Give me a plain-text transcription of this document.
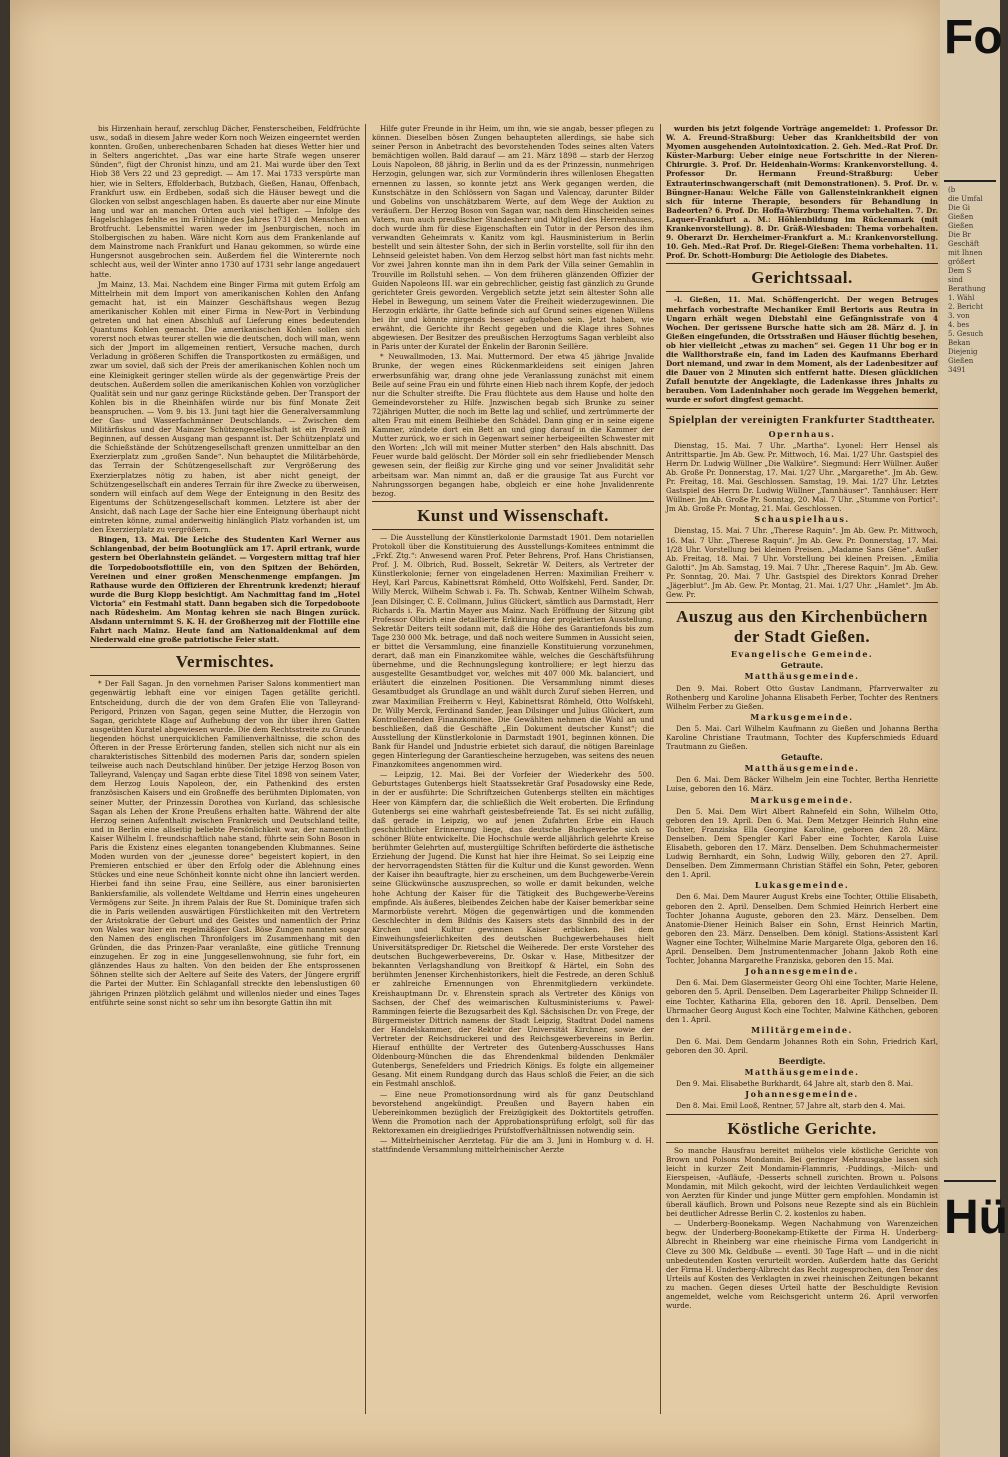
bis Hirzenhain herauf, zerschlug Dächer, Fensterscheiben, Feldfrüchte usw., sodaß in diesem Jahre weder Korn noch Weizen eingeerntet werden konnten. Großen, unberechenbaren Schaden hat dieses Wetter hier und in Selters angerichtet. „Das war eine harte Strafe wegen unserer Sünden“, fügt der Chronist hinzu, und am 21. Mai wurde über den Text Hiob 38 Vers 22 und 23 gepredigt. — Am 17. Mai 1733 verspürte man hier, wie in Selters, Effolderbach, Butzbach, Gießen, Hanau, Offenbach, Frankfurt usw. ein Erdbeben, sodaß sich die Häuser bewegt und die Glocken von selbst angeschlagen haben. Es dauerte aber nur eine Minute lang und war an manchen Orten auch viel heftiger. — Infolge des Hagelschlages fehlte es im Frühlinge des Jahres 1731 den Menschen an Brotfrucht. Lebensmittel waren weder im Jsenburgischen, noch im Stolbergischen zu haben. Wäre nicht Korn aus dem Frankenlande auf dem Mainstrome nach Frankfurt und Hanau gekommen, so würde eine Hungersnot ausgebrochen sein. Außerdem fiel die Winterernte noch schlecht aus, weil der Winter anno 1730 auf 1731 sehr lange angedauert hatte.

Jm Mainz, 13. Mai. Nachdem eine Binger Firma mit gutem Erfolg am Mittelrhein mit dem Import von amerikanischen Kohlen den Anfang gemacht hat, ist ein Mainzer Geschäftshaus wegen Bezug amerikanischer Kohlen mit einer Firma in New-Port in Verbindung getreten und hat einen Abschluß auf Lieferung eines bedeutenden Quantums Kohlen gemacht. Die amerikanischen Kohlen sollen sich vorerst noch etwas teurer stellen wie die deutschen, doch will man, wenn sich der Jmport im allgemeinen rentiert, Versuche machen, durch Verladung in größeren Schiffen die Transportkosten zu ermäßigen, und zwar um soviel, daß sich der Preis der amerikanischen Kohlen noch um eine Kleinigkeit geringer stellen würde als der gegenwärtige Preis der deutschen. Außerdem sollen die amerikanischen Kohlen von vorzüglicher Qualität sein und nur ganz geringe Rückstände geben. Der Transport der Kohlen bis in die Rheinhäfen würde nur bis fünf Monate Zeit beanspruchen. — Vom 9. bis 13. Juni tagt hier die Generalversammlung der Gas- und Wasserfachmänner Deutschlands. — Zwischen dem Militärfiskus und der Mainzer Schützengesellschaft ist ein Prozeß im Beginnen, auf dessen Ausgang man gespannt ist. Der Schützenplatz und die Schießstände der Schützengesellschaft grenzen unmittelbar an den Exerzierplatz zum „großen Sande“. Nun behauptet die Militärbehörde, das Terrain der Schützengesellschaft zur Vergrößerung des Exerzierplatzes nötig zu haben, ist aber nicht geneigt, der Schützengesellschaft ein anderes Terrain für ihre Zwecke zu überweisen, sondern will einfach auf dem Wege der Enteignung in den Besitz des Eigentums der Schützengesellschaft kommen. Letztere ist aber der Ansicht, daß nach Lage der Sache hier eine Enteignung überhaupt nicht eintreten könne, zumal anderweitig hinlänglich Platz vorhanden ist, um den Exerzierplatz zu vergrößern.

Bingen, 13. Mai. Die Leiche des Studenten Karl Werner aus Schlangenbad, der beim Bootunglück am 17. April ertrank, wurde gestern bei Oberlahnstein geländet. — Vorgestern mittag traf hier die Torpedobootsflottille ein, von den Spitzen der Behörden, Vereinen und einer großen Menschenmenge empfangen. Jm Rathause wurde den Offizieren der Ehrentrunk kredenzt; hierauf wurde die Burg Klopp besichtigt. Am Nachmittag fand im „Hotel Victoria“ ein Festmahl statt. Dann begaben sich die Torpedoboote nach Rüdesheim. Am Montag kehren sie nach Bingen zurück. Alsdann unternimmt S. K. H. der Großherzog mit der Flottille eine Fahrt nach Mainz. Heute fand am Nationaldenkmal auf dem Niederwald eine große patriotische Feier statt.

Vermischtes.

* Der Fall Sagan. Jn den vornehmen Pariser Salons kommentiert man gegenwärtig lebhaft eine vor einigen Tagen getällte gerichtl. Entscheidung, durch die der von dem Grafen Elie von Talleyrand-Perigord, Prinzen von Sagan, gegen seine Mutter, die Herzogin von Sagan, gerichtete Klage auf Aufhebung der von ihr über ihren Gatten ausgeübten Kuratel abgewiesen wurde. Die dem Rechtsstreite zu Grunde liegenden höchst unerquicklichen Familienverhältnisse, die schon des Öfteren in der Presse Erörterung fanden, stellen sich nicht nur als ein charakteristisches Sittenbild des modernen Paris dar, sondern spielen teilweise auch nach Deutschland hinüber. Der jetzige Herzog Boson von Talleyrand, Valençay und Sagan erbte diese Titel 1898 von seinem Vater, dem Herzog Louis Napoleon, der, ein Pathenkind des ersten französischen Kaisers und ein Großneffe des berühmten Diplomaten, von seiner Mutter, der Prinzessin Dorothea von Kurland, das schlesische Sagan als Lehen der Krone Preußens erhalten hatte. Während der alte Herzog seinen Aufenthalt zwischen Frankreich und Deutschland teilte, und in Berlin eine allseitig beliebte Persönlichkeit war, der namentlich Kaiser Wilhelm I. freundschaftlich nahe stand, führte sein Sohn Boson in Paris die Existenz eines eleganten tonangebenden Klubmannes. Seine Moden wurden von der „jeunesse doree“ begeistert kopiert, in den Premieren entschied er über den Erfolg oder die Ablehnung eines Stückes und eine neue Schönheit konnte nicht ohne ihn lanciert werden. Hierbei fand ihn seine Frau, eine Seillère, aus einer baronisierten Bankiersfamilie, als vollendete Weltdame und Herrin eines ungeheuren Vermögens zur Seite. Jn ihrem Palais der Rue St. Dominique trafen sich die in Paris weilenden auswärtigen Fürstlichkeiten mit den Vertretern der Aristokratie der Geburt und des Geistes und namentlich der Prinz von Wales war hier ein regelmäßiger Gast. Böse Zungen nannten sogar den Namen des englischen Thronfolgers im Zusammenhang mit den Gründen, die das Prinzen-Paar veranlaßte, eine gütliche Trennung einzugehen. Er zog in eine Junggesellenwohnung, sie fuhr fort, ein glänzendes Haus zu halten. Von den beiden der Ehe entsprossenen Söhnen stellte sich der Aeltere auf Seite des Vaters, der Jüngere ergriff die Partei der Mutter. Ein Schlaganfall streckte den lebenslustigen 60 jährigen Prinzen plötzlich gelähmt und willenlos nieder und eines Tages entführte seine sonst nicht so sehr um ihn besorgte Gattin ihn mit

Hilfe guter Freunde in ihr Heim, um ihn, wie sie angab, besser pflegen zu können. Dieselben bösen Zungen behaupteten allerdings, sie habe sich seiner Person in Anbetracht des bevorstehenden Todes seines alten Vaters bemächtigen wollen. Bald darauf — am 21. März 1898 — starb der Herzog Louis Napoleon, 88 jährig, in Berlin und da es der Prinzessin, nunmehrigen Herzogin, gelungen war, sich zur Vormünderin ihres willenlosen Ehegatten ernennen zu lassen, so konnte jetzt ans Werk gegangen werden, die Kunstschätze in den Schlössern von Sagan und Valencay, darunter Bilder und Gobelins von unschätzbarem Werte, auf dem Wege der Auktion zu veräußern. Der Herzog Boson von Sagan war, nach dem Hinscheiden seines Vaters, nun auch preußischer Standesherr und Mitglied des Herrenhauses, doch wurde ihm für diese Eigenschaften ein Tutor in der Person des ihm verwandten Geheimrats v. Kanitz vom kgl. Hausministerium in Berlin bestellt und sein ältester Sohn, der sich in Berlin vorstellte, soll für ihn den Lehnseid geleistet haben. Von dem Herzog selbst hört man fast nichts mehr. Vor zwei Jahren konnte man ihn in dem Park der Villa seiner Gemahlin in Trouville im Rollstuhl sehen. — Von dem früheren glänzenden Offizier der Guiden Napoleons III. war ein gebrechlicher, geistig fast gänzlich zu Grunde gerichteter Greis geworden. Vergeblich setzte jetzt sein ältester Sohn alle Hebel in Bewegung, um seinem Vater die Freiheit wiederzugewinnen. Die Herzogin erklärte, ihr Gatte befinde sich auf Grund seines eigenen Willens bei ihr und könnte nirgends besser aufgehoben sein. Jetzt haben, wie erwähnt, die Gerichte ihr Recht gegeben und die Klage ihres Sohnes abgewiesen. Der Besitzer des preußischen Herzogtums Sagan verbleibt also in Paris unter der Kuratel der Enkelin der Baronin Seillère.

* Neuwallmoden, 13. Mai. Muttermord. Der etwa 45 jährige Jnvalide Brunke, der wegen eines Rückenmarkleidens seit einigen Jahren erwerbsunfähig war, drang ohne jede Veranlassung zunächst mit einem Beile auf seine Frau ein und führte einen Hieb nach ihrem Kopfe, der jedoch nur die Schulter streifte. Die Frau flüchtete aus dem Hause und holte den Gemeindevorsteher zu Hilfe. Jnzwischen begab sich Brunke zu seiner 72jährigen Mutter, die noch im Bette lag und schlief, und zertrümmerte der alten Frau mit einem Beilhiebe den Schädel. Dann ging er in seine eigene Kammer, zündete dort ein Bett an und ging darauf in die Kammer der Mutter zurück, wo er sich in Gegenwart seiner herbeigeeilten Schwester mit den Worten: „Ich will mit meiner Mutter sterben“ den Hals abschnitt. Das Feuer wurde bald gelöscht. Der Mörder soll ein sehr friedliebender Mensch gewesen sein, der fleißig zur Kirche ging und vor seiner Jnvalidität sehr arbeitsam war. Man nimmt an, daß er die grausige Tat aus Furcht vor Nahrungssorgen begangen habe, obgleich er eine hohe Jnvalidenrente bezog.

Kunst und Wissenschaft.

— Die Ausstellung der Künstlerkolonie Darmstadt 1901. Dem notariellen Protokoll über die Konstituierung des Ausstellungs-Komitees entnimmt die „Frkf. Ztg.“: Anwesend waren Prof. Peter Behrens, Prof. Hans Christiansen, Prof. J. M. Olbrich, Rud. Bosselt, Sekretär W. Deiters, als Vertreter der Künstlerkolonie; ferner von eingeladenen Herren: Maximilian Freiherr v. Heyl, Karl Parcus, Kabinettsrat Römheld, Otto Wolfskehl, Ferd. Sander, Dr. Willy Merck, Wilhelm Schwab i. Fa. Th. Schwab, Kentner Wilhelm Schwab, Jean Dilsinger, C. E. Collmann, Julius Glückert, sämtlich aus Darmstadt, Herr Richards i. Fa. Martin Mayer aus Mainz. Nach Eröffnung der Sitzung gibt Professor Olbrich eine detaillierte Erklärung der projektierten Ausstellung. Sekretär Deiters teilt sodann mit, daß die Höhe des Garantiefonds bis zum Tage 230 000 Mk. betrage, und daß noch weitere Summen in Aussicht seien, er bittet die Versammlung, eine finanzielle Konstituierung vorzunehmen, derart, daß man ein Finanzkomitee wähle, welches die Geschäftsführung übernehme, und die Rechnungslegung kontrolliere; er legt hierzu das ausgestellte Gesamtbudget vor, welches mit 407 000 Mk. balanciert, und erläutert die einzelnen Positionen. Die Versammlung nimmt dieses Gesamtbudget als Grundlage an und wählt durch Zuruf sieben Herren, und zwar Maximilian Freiherrn v. Heyl, Kabinettsrat Römheld, Otto Wolfskehl, Dr. Willy Merck, Ferdinand Sander, Jean Dilsinger und Julius Glückert, zum Kontrollierenden Finanzkomitee. Die Gewählten nehmen die Wahl an und beschließen, daß die Geschäfte „Ein Dokument deutscher Kunst“; die Ausstellung der Künstlerkolonie in Darmstadt 1901, beginnen können. Die Bank für Handel und Jndustrie erbietet sich darauf, die nötigen Bareinlage gegen Hinterlegung der Garantiescheine herzugeben, was seitens des neuen Finanzkomitees angenommen wird.

— Leipzig, 12. Mai. Bei der Vorfeier der Wiederkehr des 500. Geburtstages Gutenbergs hielt Staatssekretär Graf Posadowsky eine Rede, in der er ausführte: Die Schriftzeichen Gutenbergs stellten ein mächtiges Heer von Kämpfern dar, die schließlich die Welt eroberten. Die Erfindung Gutenbergs sei eine wahrhaft geistesbefreiende Tat. Es sei nicht zufällig, daß gerade in Leipzig, wo auf jenen Zufahrten Erbe ein Hauch geschichtlicher Erinnerung liege, das deutsche Buchgewerbe sich so schöner Blüte entwickelte. Die Hochschule werde alljährlich gelehrte Kreise berühmter Gelehrten auf, mustergültige Schriften beförderte die ästhetische Erziehung der Jugend. Die Kunst hat hier ihre Heimat. So sei Leipzig eine der hervorragendsten Stätten für die Kultur und die Kunst geworden. Wenn der Kaiser ihn beauftragte, hier zu erscheinen, um dem Buchgewerbe-Verein seine Glückwünsche auszusprechen, so wolle er damit bekunden, welche hohe Achtung der Kaiser für die Tätigkeit des Buchgewerbe-Vereins empfinde. Als äußeres, bleibendes Zeichen habe der Kaiser bemerkbar seine Marmorbüste verehrt. Mögen die gegenwärtigen und die kommenden Geschlechter in dem Bildnis des Kaisers stets das Sinnbild des in der Kirchen und Kultur gewinnen Kaiser erblicken. Bei dem Einweihungsfeierlichkeiten des deutschen Buchgewerbehauses hielt Universitätsprediger Dr. Rietschel die Weiherede. Der erste Vorsteher des deutschen Buchgewerbevereins, Dr. Oskar v. Hase, Mitbesitzer der bekannten Verlagshandlung von Breitkopf & Härtel, ein Sohn des berühmten Jenenser Kirchenhistorikers, hielt die Festrede, an deren Schluß er zahlreiche Ernennungen von Ehrenmitgliedern verkündete. Kreishauptmann Dr. v. Ehrenstein sprach als Vertreter des Königs von Sachsen, der Chef des weimarischen Kultusministeriums v. Pawel-Rammingen feierte die Bezugsarbeit des Kgl. Sächsischen Dr. von Frege, der Bürgermeister Dittrich namens der Stadt Leipzig, Stadtrat Dodel namens der Handelskammer, der Rektor der Universität Kirchner, sowie der Vertreter der Reichsdruckerei und des Reichsgewerbevereins in Berlin. Hierauf enthüllte der Vertreter des Gutenberg-Ausschusses Hans Oldenbourg-München die das Ehrendenkmal bildenden Denkmäler Gutenbergs, Senefelders und Friedrich Königs. Es folgte ein allgemeiner Gesang. Mit einem Rundgang durch das Haus schloß die Feier, an die sich ein Festmahl anschloß.

— Eine neue Promotionsordnung wird als für ganz Deutschland bevorstehend angekündigt. Preußen und Bayern haben ein Uebereinkommen bezüglich der Freizügigkeit des Doktortitels getroffen. Wenn die Promotion nach der Approbationsprüfung erfolgt, soll für das Rektorexamen ein dreigliedriges Prüfstoffverhältnissen notwendig sein.

— Mittelrheinischer Aerztetag. Für die am 3. Juni in Homburg v. d. H. stattfindende Versammlung mittelrheinischer Aerzte

wurden bis jetzt folgende Vorträge angemeldet: 1. Professor Dr. W. A. Freund-Straßburg: Ueber das Krankheitsbild der von Myomen ausgehenden Autointoxication. 2. Geh. Med.-Rat Prof. Dr. Küster-Marburg: Ueber einige neue Fortschritte in der Nieren-Chirurgie. 3. Prof. Dr. Heidenhain-Worms: Krankenvorstellung. 4. Professor Dr. Hermann Freund-Straßburg: Ueber Extrauterinschwangerschaft (mit Demonstrationen). 5. Prof. Dr. v. Büngner-Hanau: Welche Fälle von Gallensteinkrankheit eignen sich für interne Therapie, besonders für Behandlung in Badeorten? 6. Prof. Dr. Hoffa-Würzburg: Thema vorbehalten. 7. Dr. Laquer-Frankfurt a. M.: Höhlenbildung im Rückenmark (mit Krankenvorstellung). 8. Dr. Gräß-Wiesbaden: Thema vorbehalten. 9. Oberarzt Dr. Herxheimer-Frankfurt a. M.: Krankenvorstellung. 10. Geh. Med.-Rat Prof. Dr. Riegel-Gießen: Thema vorbehalten. 11. Prof. Dr. Schott-Homburg: Die Aetiologie des Diabetes.

Gerichtssaal.

-l. Gießen, 11. Mai. Schöffengericht. Der wegen Betruges mehrfach vorbestrafte Mechaniker Emil Bertoris aus Reutra in Ungarn erhält wegen Diebstahl eine Gefängnisstrafe von 4 Wochen. Der gerissene Bursche hatte sich am 28. März d. J. in Gießen eingefunden, die Ortsstraßen und Häuser flüchtig besehen, ob hier vielleicht „etwas zu machen“ sei. Gegen 11 Uhr bog er in die Wallthorstraße ein, fand im Laden des Kaufmanns Eberhard Dort niemand, und zwar in dem Moment, als der Ladenbesitzer auf die Dauer von 2 Minuten sich entfernt hatte. Diesen glücklichen Zufall benutzte der Angeklagte, die Ladenkasse ihres Jnhalts zu berauben. Vom Ladeninhaber noch gerade im Weggehen bemerkt, wurde er sofort dingfest gemacht.

Spielplan der vereinigten Frankfurter Stadttheater.
Opernhaus.

Dienstag, 15. Mai. 7 Uhr. „Martha“. Lyonel: Herr Hensel als Antrittspartie. Jm Ab. Gew. Pr. Mittwoch, 16. Mai. 1/27 Uhr. Gastspiel des Herrn Dr. Ludwig Wüllner „Die Walküre“. Siegmund: Herr Wüllner. Außer Ab. Große Pr. Donnerstag, 17. Mai. 1/27 Uhr. „Margarethe“. Jm Ab. Gew. Pr. Freitag, 18. Mai. Geschlossen. Samstag, 19. Mai. 1/27 Uhr. Letztes Gastspiel des Herrn Dr. Ludwig Wüllner „Tannhäuser“. Tannhäuser: Herr Wüllner. Jm Ab. Große Pr. Sonntag, 20. Mai. 7 Uhr. „Stumme von Portici“. Jm Ab. Große Pr. Montag, 21. Mai. Geschlossen.

Schauspielhaus.

Dienstag, 15. Mai. 7 Uhr. „Therese Raquin“. Jm Ab. Gew. Pr. Mittwoch, 16. Mai. 7 Uhr. „Therese Raquin“. Jm Ab. Gew. Pr. Donnerstag, 17. Mai. 1/28 Uhr. Vorstellung bei kleinen Preisen. „Madame Sans Gêne“. Außer Ab. Freitag, 18. Mai. 7 Uhr. Vorstellung bei kleinen Preisen. „Emilia Galotti“. Jm Ab. Samstag, 19. Mai. 7 Uhr. „Therese Raquin“. Jm Ab. Gew. Pr. Sonntag, 20. Mai. 7 Uhr. Gastspiel des Direktors Konrad Dreher „Jägerblut“. Jm Ab. Gew. Pr. Montag, 21. Mai. 1/27 Uhr. „Hamlet“. Jm Ab. Gew. Pr.

Auszug aus den Kirchenbüchern der Stadt Gießen.
Evangelische Gemeinde.
Getraute.
Matthäusgemeinde.

Den 9. Mai. Robert Otto Gustav Landmann, Pfarrverwalter zu Rothenberg und Karoline Johanna Elisabeth Ferber, Tochter des Rentners Wilhelm Ferber zu Gießen.

Markusgemeinde.

Den 5. Mai. Carl Wilhelm Kaufmann zu Gießen und Johanna Bertha Karoline Christiane Trautmann, Tochter des Kupferschmieds Eduard Trautmann zu Gießen.

Getaufte.
Matthäusgemeinde.

Den 6. Mai. Dem Bäcker Wilhelm Jein eine Tochter, Bertha Henriette Luise, geboren den 16. März.

Markusgemeinde.

Den 5. Mai. Dem Wirt Albert Rahnefeld ein Sohn, Wilhelm Otto, geboren den 19. April. Den 6. Mai. Dem Metzger Heinrich Huhn eine Tochter, Franziska Ella Georgine Karoline, geboren den 28. März. Denselben. Dem Spengler Karl Faber eine Tochter, Karola Luise Elisabeth, geboren den 17. März. Denselben. Dem Schuhmachermeister Ludwig Bernhardt, ein Sohn, Ludwig Willy, geboren den 27. April. Denselben. Dem Zimmermann Christian Stäffel ein Sohn, Peter, geboren den 1. April.

Lukasgemeinde.

Den 6. Mai. Dem Maurer August Krebs eine Tochter, Ottilie Elisabeth, geboren den 2. April. Denselben. Dem Schmied Heinrich Herbert eine Tochter Johanna Auguste, geboren den 23. März. Denselben. Dem Anatomie-Diener Heinich Balser ein Sohn, Ernst Heinrich Martin, geboren den 23. März. Denselben. Dem königl. Stations-Assistent Karl Wagner eine Tochter, Wilhelmine Marie Margarete Olga, geboren den 16. April. Denselben. Dem Jnstrumentenmacher Johann Jakob Roth eine Tochter, Johanna Margarethe Franziska, geboren den 15. Mai.

Johannesgemeinde.

Den 6. Mai. Dem Glasermeister Georg Ohl eine Tochter, Marie Helene, geboren den 5. April. Denselben. Dem Lagerarbeiter Philipp Schneider II. eine Tochter, Katharina Ella, geboren den 18. April. Denselben. Dem Uhrmacher Georg August Koch eine Tochter, Malwine Käthchen, geboren den 1. April.

Militärgemeinde.

Den 6. Mai. Dem Gendarm Johannes Roth ein Sohn, Friedrich Karl, geboren den 30. April.

Beerdigte.
Matthäusgemeinde.

Den 9. Mai. Elisabethe Burkhardt, 64 Jahre alt, starb den 8. Mai.

Johannesgemeinde.

Den 8. Mai. Emil Looß, Rentner, 57 Jahre alt, starb den 4. Mai.

Köstliche Gerichte.

So manche Hausfrau bereitet mühelos viele köstliche Gerichte von Brown und Polsons Mondamin. Bei geringer Mehrausgabe lassen sich leicht in kurzer Zeit Mondamin-Flammris, -Puddings, -Milch- und Eierspeisen, -Aufläufe, -Desserts schnell zurichten. Brown u. Polsons Mondamin, mit Milch gekocht, wird der leichten Verdaulichkeit wegen von Aerzten für Kinder und junge Mütter gern empfohlen. Mondamin ist überall käuflich. Brown und Polsons neue Rezepte sind als ein Büchlein bei deutlicher Adresse Berlin C. 2. kostenlos zu haben.

— Underberg-Boonekamp. Wegen Nachahmung von Warenzeichen begw. der Underberg-Boonekamp-Etikette der Firma H. Underberg-Albrecht in Rheinberg war eine rheinische Firma vom Landgericht in Cleve zu 300 Mk. Geldbuße — eventl. 30 Tage Haft — und in die nicht unbedeutenden Kosten verurteilt worden. Außerdem hatte das Gericht der Firma H. Underberg-Albrecht das Recht zugesprochen, den Tenor des Urteils auf Kosten des Verklagten in zwei rheinischen Zeitungen bekannt zu machen. Gegen dieses Urteil hatte der Beschuldigte Revision angemeldet, welche vom Reichsgericht unterm 26. April verworfen wurde.

Fo
(b
die Umfal
Die Gi
Gießen
Gießen
Die Br
Geschäft
mit Ihnen
größert
Dem S
sind
Berathung
1. Wähl
2. Bericht
3. von
4. bes
5. Gesuch
Bekan
Diejenig
Gießen
3491
Hü
